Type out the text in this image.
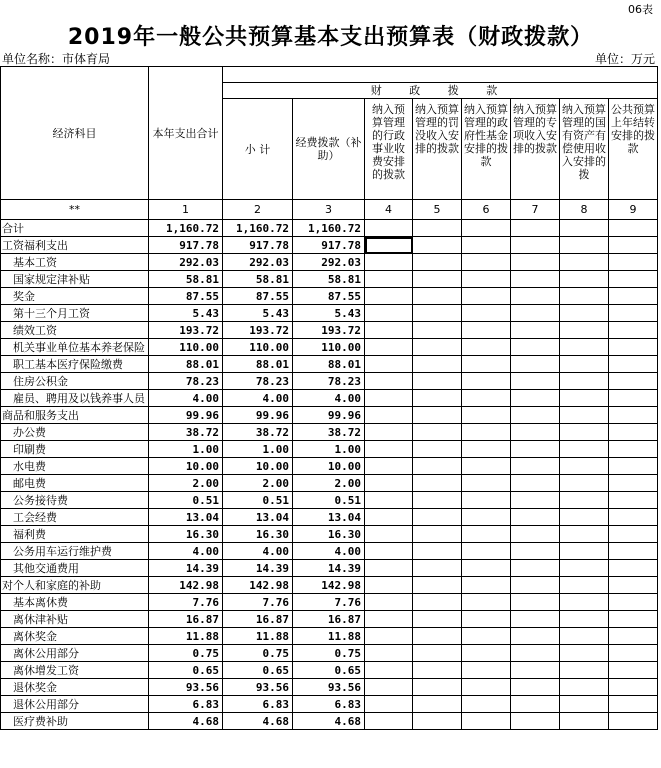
06表
2019年一般公共预算基本支出预算表（财政拨款）
单位名称：市体育局	单位：万元
经济科目	本年支出合计								
		财 政 拨 款							
		小 计	经费拨款（补助）	纳入预算管理的行政事业收费安排的拨款	纳入预算管理的罚没收入安排的拨款	纳入预算管理的政府性基金安排的拨款	纳入预算管理的专项收入安排的拨款	纳入预算管理的国有资产有偿使用收入安排的拨	公共预算上年结转安排的拨款
**	1	2	3	4	5	6	7	8	9
合计	1,160.72	1,160.72	1,160.72						
工资福利支出	917.78	917.78	917.78						
基本工资	292.03	292.03	292.03						
国家规定津补贴	58.81	58.81	58.81						
奖金	87.55	87.55	87.55						
第十三个月工资	5.43	5.43	5.43						
绩效工资	193.72	193.72	193.72						
机关事业单位基本养老保险	110.00	110.00	110.00						
职工基本医疗保险缴费	88.01	88.01	88.01						
住房公积金	78.23	78.23	78.23						
雇员、聘用及以钱养事人员	4.00	4.00	4.00						
商品和服务支出	99.96	99.96	99.96						
办公费	38.72	38.72	38.72						
印刷费	1.00	1.00	1.00						
水电费	10.00	10.00	10.00						
邮电费	2.00	2.00	2.00						
公务接待费	0.51	0.51	0.51						
工会经费	13.04	13.04	13.04						
福利费	16.30	16.30	16.30						
公务用车运行维护费	4.00	4.00	4.00						
其他交通费用	14.39	14.39	14.39						
对个人和家庭的补助	142.98	142.98	142.98						
基本离休费	7.76	7.76	7.76						
离休津补贴	16.87	16.87	16.87						
离休奖金	11.88	11.88	11.88						
离休公用部分	0.75	0.75	0.75						
离休增发工资	0.65	0.65	0.65						
退休奖金	93.56	93.56	93.56						
退休公用部分	6.83	6.83	6.83						
医疗费补助	4.68	4.68	4.68						
